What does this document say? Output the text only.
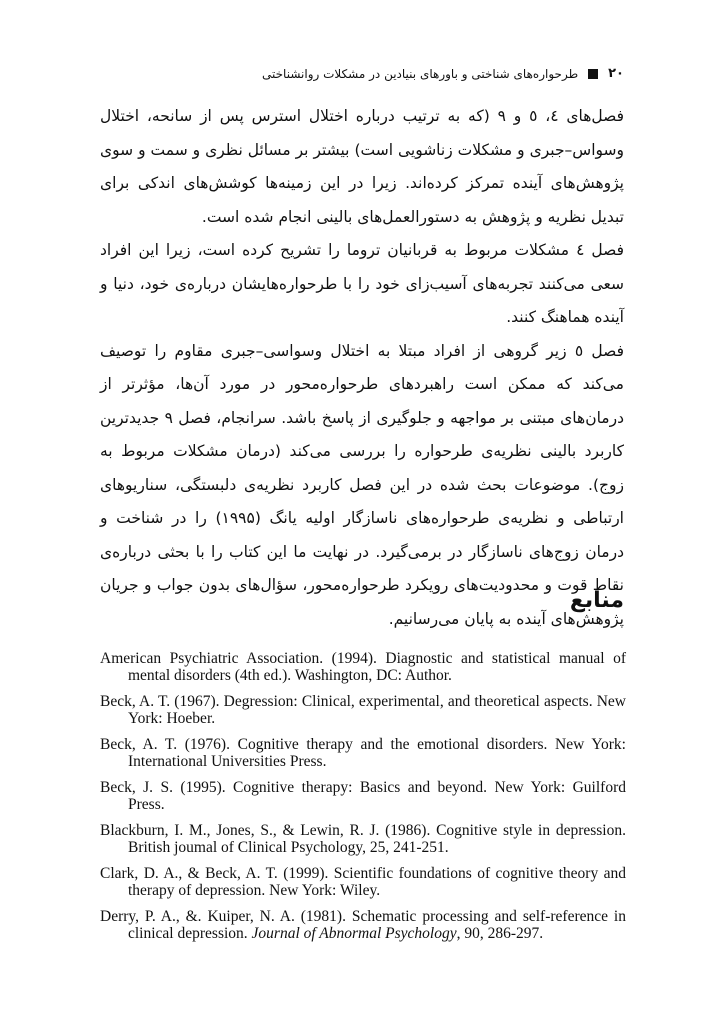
۲۰
طرحواره‌های شناختی و باورهای بنیادین در مشکلات روانشناختی

فصل‌های ٤، ٥ و ٩ (که به ترتیب درباره اختلال استرس پس از سانحه، اختلال وسواس–جبری و مشکلات زناشویی است) بیشتر بر مسائل نظری و سمت و سوی پژوهش‌های آینده تمرکز کرده‌اند. زیرا در این زمینه‌ها کوشش‌های اندکی برای تبدیل نظریه و پژوهش به دستورالعمل‌های بالینی انجام شده است.

فصل ٤ مشکلات مربوط به قربانیان تروما را تشریح کرده است، زیرا این افراد سعی می‌کنند تجربه‌های آسیب‌زای خود را با طرحواره‌هایشان درباره‌ی خود، دنیا و آینده هماهنگ کنند.

فصل ٥ زیر گروهی از افراد مبتلا به اختلال وسواسی–جبری مقاوم را توصیف می‌کند که ممکن است راهبردهای طرحواره‌محور در مورد آن‌ها، مؤثرتر از درمان‌های مبتنی بر مواجهه و جلوگیری از پاسخ باشد. سرانجام، فصل ۹ جدیدترین کاربرد بالینی نظریه‌ی طرحواره را بررسی می‌کند (درمان مشکلات مربوط به زوج). موضوعات بحث شده در این فصل کاربرد نظریه‌ی دلبستگی، سناریوهای ارتباطی و نظریه‌ی طرحواره‌های ناسازگار اولیه یانگ (۱۹۹۵) را در شناخت و درمان زوج‌های ناسازگار در برمی‌گیرد. در نهایت ما این کتاب را با بحثی درباره‌ی نقاط قوت و محدودیت‌های رویکرد طرحواره‌محور، سؤال‌های بدون جواب و جریان پژوهش‌های آینده به پایان می‌رسانیم.

منابع

American Psychiatric Association. (1994). Diagnostic and statistical manual of mental disorders (4th ed.). Washington, DC: Author.

Beck, A. T. (1967). Degression: Clinical, experimental, and theoretical aspects. New York: Hoeber.

Beck, A. T. (1976). Cognitive therapy and the emotional disorders. New York: International Universities Press.

Beck, J. S. (1995). Cognitive therapy: Basics and beyond. New York: Guilford Press.

Blackburn, I. M., Jones, S., & Lewin, R. J. (1986). Cognitive style in depression. British joumal of Clinical Psychology, 25, 241-251.

Clark, D. A., & Beck, A. T. (1999). Scientific foundations of cognitive theory and therapy of depression. New York: Wiley.

Derry, P. A., &. Kuiper, N. A. (1981). Schematic processing and self-reference in clinical depression. Journal of Abnormal Psychology, 90, 286-297.
